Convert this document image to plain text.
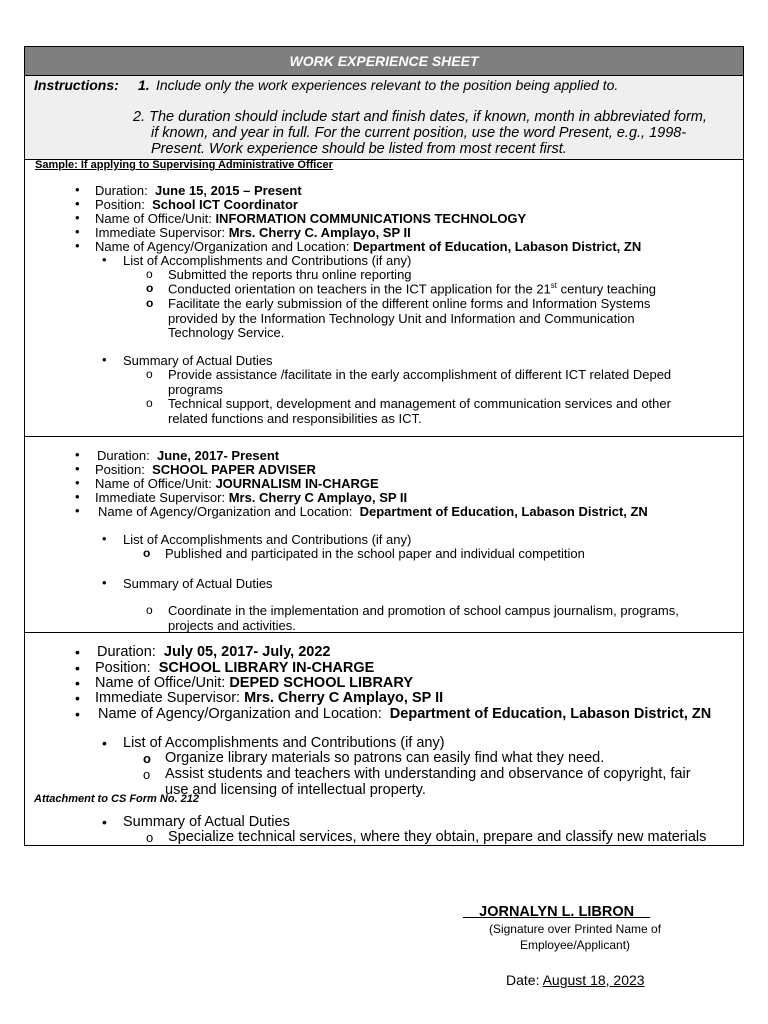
WORK EXPERIENCE SHEET
Instructions: 1. Include only the work experiences relevant to the position being applied to.
2. The duration should include start and finish dates, if known, month in abbreviated form,
if known, and year in full. For the current position, use the word Present, e.g., 1998-
Present. Work experience should be listed from most recent first.
Sample: If applying to Supervising Administrative Officer
• Duration: June 15, 2015 – Present
• Position: School ICT Coordinator
• Name of Office/Unit: INFORMATION COMMUNICATIONS TECHNOLOGY
• Immediate Supervisor: Mrs. Cherry C. Amplayo, SP II
• Name of Agency/Organization and Location: Department of Education, Labason District, ZN
• List of Accomplishments and Contributions (if any)
o Submitted the reports thru online reporting
o Conducted orientation on teachers in the ICT application for the 21st century teaching
o Facilitate the early submission of the different online forms and Information Systems
provided by the Information Technology Unit and Information and Communication
Technology Service.
• Summary of Actual Duties
o Provide assistance /facilitate in the early accomplishment of different ICT related Deped
programs
o Technical support, development and management of communication services and other
related functions and responsibilities as ICT.
• Duration: June, 2017- Present
• Position: SCHOOL PAPER ADVISER
• Name of Office/Unit: JOURNALISM IN-CHARGE
• Immediate Supervisor: Mrs. Cherry C Amplayo, SP II
• Name of Agency/Organization and Location: Department of Education, Labason District, ZN
• List of Accomplishments and Contributions (if any)
o Published and participated in the school paper and individual competition
• Summary of Actual Duties
o Coordinate in the implementation and promotion of school campus journalism, programs,
projects and activities.
• Duration: July 05, 2017- July, 2022
• Position: SCHOOL LIBRARY IN-CHARGE
• Name of Office/Unit: DEPED SCHOOL LIBRARY
• Immediate Supervisor: Mrs. Cherry C Amplayo, SP II
• Name of Agency/Organization and Location: Department of Education, Labason District, ZN
• List of Accomplishments and Contributions (if any)
o Organize library materials so patrons can easily find what they need.
o Assist students and teachers with understanding and observance of copyright, fair
use and licensing of intellectual property.
Attachment to CS Form No. 212
• Summary of Actual Duties
o Specialize technical services, where they obtain, prepare and classify new materials
JORNALYN L. LIBRON
(Signature over Printed Name of
Employee/Applicant)
Date: August 18, 2023
